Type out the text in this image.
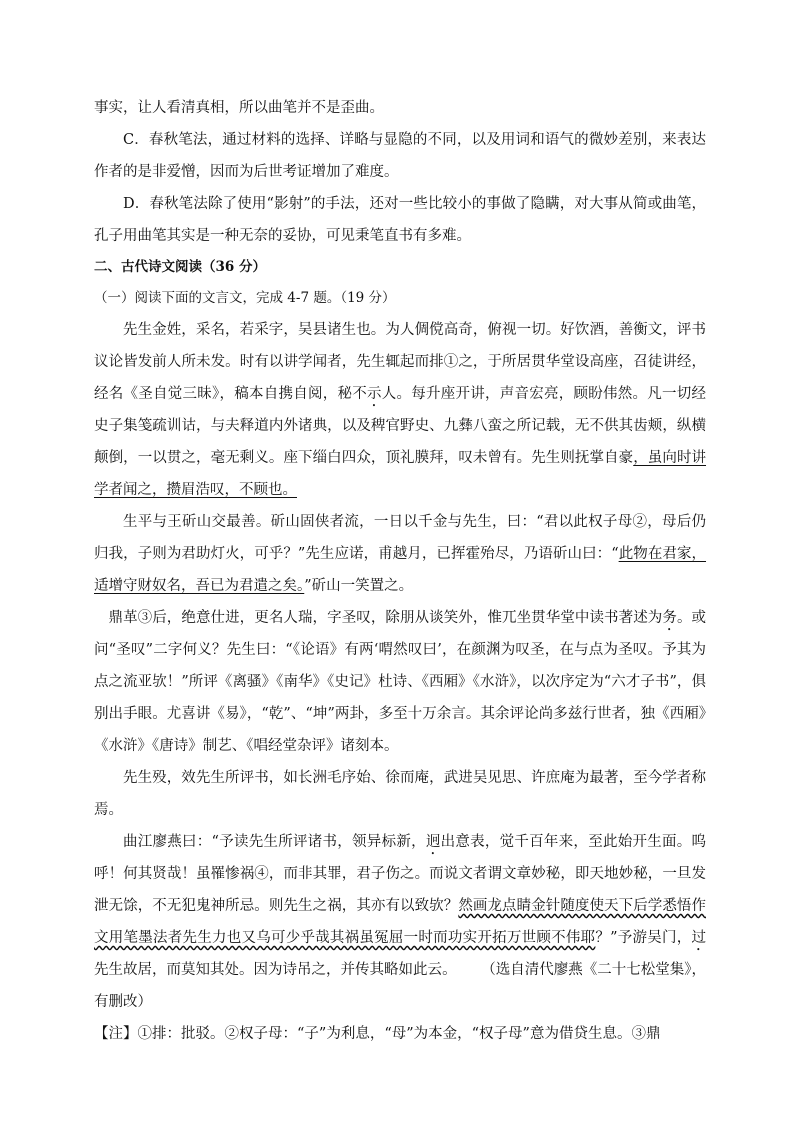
事实，让人看清真相，所以曲笔并不是歪曲。

C．春秋笔法，通过材料的选择、详略与显隐的不同，以及用词和语气的微妙差别，来表达作者的是非爱憎，因而为后世考证增加了难度。

D．春秋笔法除了使用“影射”的手法，还对一些比较小的事做了隐瞒，对大事从简或曲笔，孔子用曲笔其实是一种无奈的妥协，可见秉笔直书有多难。

二、古代诗文阅读（36 分）

（一）阅读下面的文言文，完成 4-7 题。（19 分）

先生金姓，采名，若采字，吴县诸生也。为人倜傥高奇，俯视一切。好饮酒，善衡文，评书议论皆发前人所未发。时有以讲学闻者，先生辄起而排①之，于所居贯华堂设高座，召徒讲经，经名《圣自觉三昧》，稿本自携自阅，秘不示人。每升座开讲，声音宏亮，顾盼伟然。凡一切经史子集笺疏训诂，与夫释道内外诸典，以及稗官野史、九彝八蛮之所记载，无不供其齿颊，纵横颠倒，一以贯之，毫无剩义。座下缁白四众，顶礼膜拜，叹未曾有。先生则抚掌自豪，虽向时讲学者闻之，攒眉浩叹，不顾也。

生平与王斫山交最善。斫山固侠者流，一日以千金与先生，曰：“君以此权子母②，母后仍归我，子则为君助灯火，可乎？”先生应诺，甫越月，已挥霍殆尽，乃语斫山曰：“此物在君家，适增守财奴名，吾已为君遣之矣。”斫山一笑置之。

鼎革③后，绝意仕进，更名人瑞，字圣叹，除朋从谈笑外，惟兀坐贯华堂中读书著述为务。或问“圣叹”二字何义？先生曰：“《论语》有两‘喟然叹曰’，在颜渊为叹圣，在与点为圣叹。予其为点之流亚欤！”所评《离骚》《南华》《史记》杜诗、《西厢》《水浒》，以次序定为“六才子书”，俱别出手眼。尤喜讲《易》，“乾”、“坤”两卦，多至十万余言。其余评论尚多兹行世者，独《西厢》《水浒》《唐诗》制艺、《唱经堂杂评》诸刻本。

先生殁，效先生所评书，如长洲毛序始、徐而庵，武进吴见思、许庶庵为最著，至今学者称焉。

曲江廖燕曰：“予读先生所评诸书，领异标新，迥出意表，觉千百年来，至此始开生面。呜呼！何其贤哉！虽罹惨祸④，而非其罪，君子伤之。而说文者谓文章妙秘，即天地妙秘，一旦发泄无馀，不无犯鬼神所忌。则先生之祸，其亦有以致欤？然画龙点睛金针随度使天下后学悉悟作文用笔墨法者先生力也又乌可少乎哉其祸虽冤屈一时而功实开拓万世顾不伟耶？”予游吴门，过先生故居，而莫知其处。因为诗吊之，并传其略如此云。 （选自清代廖燕《二十七松堂集》，有删改）

【注】①排：批驳。②权子母：“子”为利息，“母”为本金，“权子母”意为借贷生息。③鼎
